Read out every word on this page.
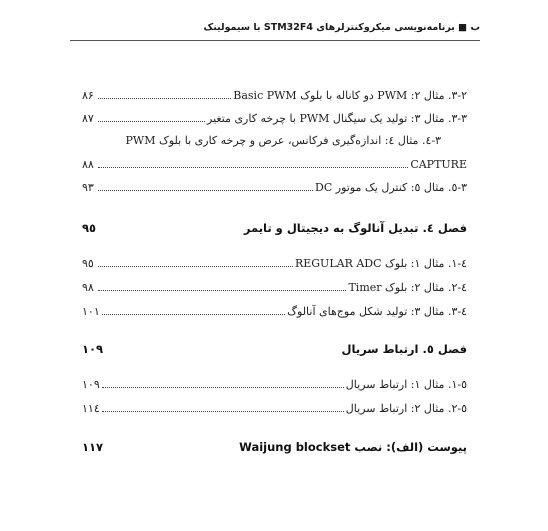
ب ■ برنامه‌نویسی میکروکنترلرهای STM32F4 با سیمولینک
۳-۲. مثال ۲: PWM دو کاناله با بلوک Basic PWM
۸۶
۳-۳. مثال ۳: تولید یک سیگنال PWM با چرخه کاری متغیر
۸۷
۳-٤. مثال ٤: اندازه‌گیری فرکانس، عرض و چرخه کاری با بلوک PWM
CAPTURE
۸۸
۳-٥. مثال ٥: کنترل یک موتور DC
۹۳
فصل ٤. تبدیل آنالوگ به دیجیتال و تایمر
۹٥
٤-۱. مثال ۱: بلوک REGULAR ADC
۹٥
٤-۲. مثال ۲: بلوک Timer
۹۸
٤-۳. مثال ۳: تولید شکل موج‌های آنالوگ
۱۰۱
فصل ٥. ارتباط سریال
۱۰۹
٥-۱. مثال ۱: ارتباط سریال
۱۰۹
٥-۲. مثال ۲: ارتباط سریال
۱۱٤
پیوست (الف): نصب Waijung blockset
۱۱۷
